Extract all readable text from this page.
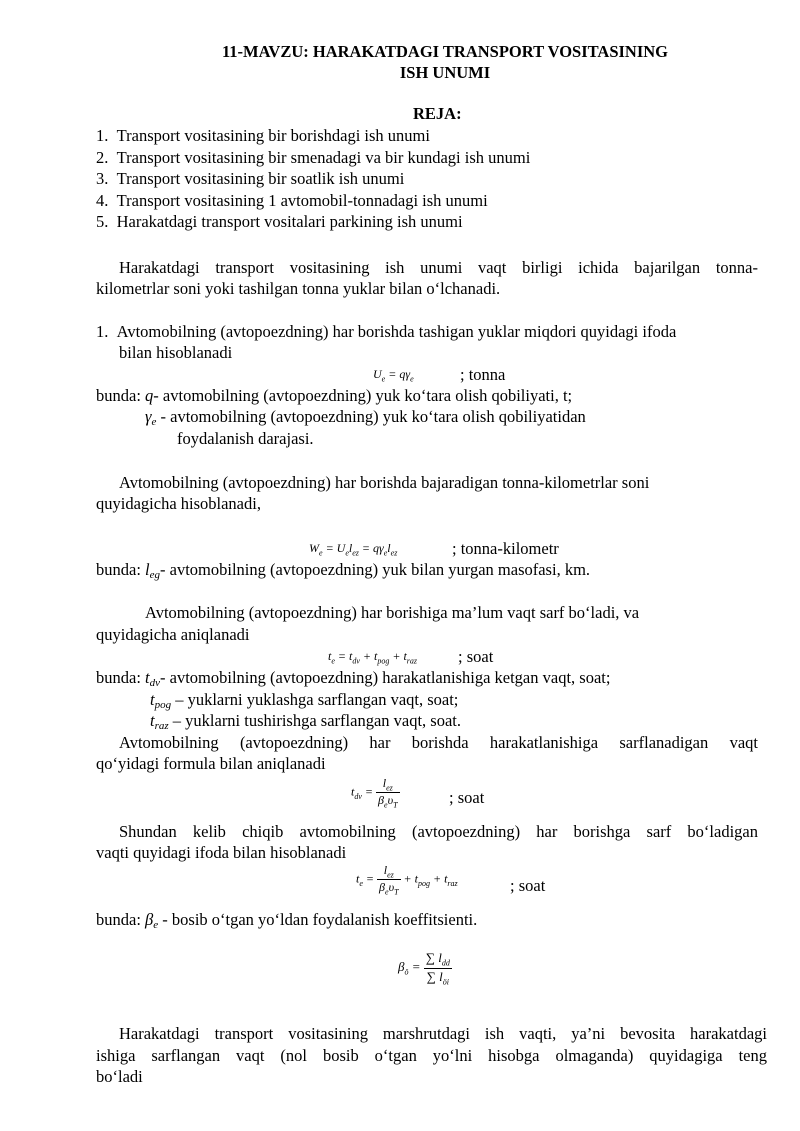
11-MAVZU: HARAKATDAGI TRANSPORT VOSITASINING
ISH UNUMI
REJA:
1.  Transport vositasining bir borishdagi ish unumi
2.  Transport vositasining bir smenadagi va bir kundagi ish unumi
3.  Transport vositasining bir soatlik ish unumi
4.  Transport vositasining 1 avtomobil-tonnadagi ish unumi
5.  Harakatdagi transport vositalari parkining ish unumi
Harakatdagi transport vositasining ish unumi vaqt birligi ichida bajarilgan tonna-
kilometrlar soni yoki tashilgan tonna yuklar bilan o‘lchanadi.
1.  Avtomobilning (avtopoezdning) har borishda tashigan yuklar miqdori quyidagi ifoda
bilan hisoblanadi
$U_e = q\gamma_e$	; tonna
bunda: q- avtomobilning (avtopoezdning) yuk ko‘tara olish qobiliyati, t;
$\gamma_e$ - avtomobilning (avtopoezdning) yuk ko‘tara olish qobiliyatidan
foydalanish darajasi.
Avtomobilning (avtopoezdning) har borishda bajaradigan tonna-kilometrlar soni
quyidagicha hisoblanadi,
$W_e = U_el_{ez} = q\gamma_el_{ez}$	; tonna-kilometr
bunda: $l_{eg}-$ avtomobilning (avtopoezdning) yuk bilan yurgan masofasi, km.
Avtomobilning (avtopoezdning) har borishiga ma’lum vaqt sarf bo‘ladi, va
quyidagicha aniqlanadi
$t_e = t_{dv} + t_{pog} + t_{raz}$ ; soat
bunda: $t_{dv}-$ avtomobilning (avtopoezdning) harakatlanishiga ketgan vaqt, soat;
$t_{pog}$ – yuklarni yuklashga sarflangan vaqt, soat;
$t_{raz}$ – yuklarni tushirishga sarflangan vaqt, soat.
Avtomobilning (avtopoezdning) har borishda harakatlanishiga sarflanadigan vaqt
qo‘yidagi formula bilan aniqlanadi
$t_{dv} = \frac{l_{ez}}{\beta_e\upsilon_T}$	; soat
Shundan kelib chiqib avtomobilning (avtopoezdning) har borishga sarf bo‘ladigan
vaqti quyidagi ifoda bilan hisoblanadi
$t_e = \frac{l_{ez}}{\beta_e\upsilon_T} + t_{pog} + t_{raz}$	; soat
bunda: $\beta_e$ - bosib o‘tgan yo‘ldan foydalanish koeffitsienti.
$\beta_ö = \frac{\sum l_{dd}}{\sum l_{öi}}$
Harakatdagi transport vositasining marshrutdagi ish vaqti, ya’ni bevosita harakatdagi
ishiga sarflangan vaqt (nol bosib o‘tgan yo‘lni hisobga olmaganda) quyidagiga teng
bo‘ladi
